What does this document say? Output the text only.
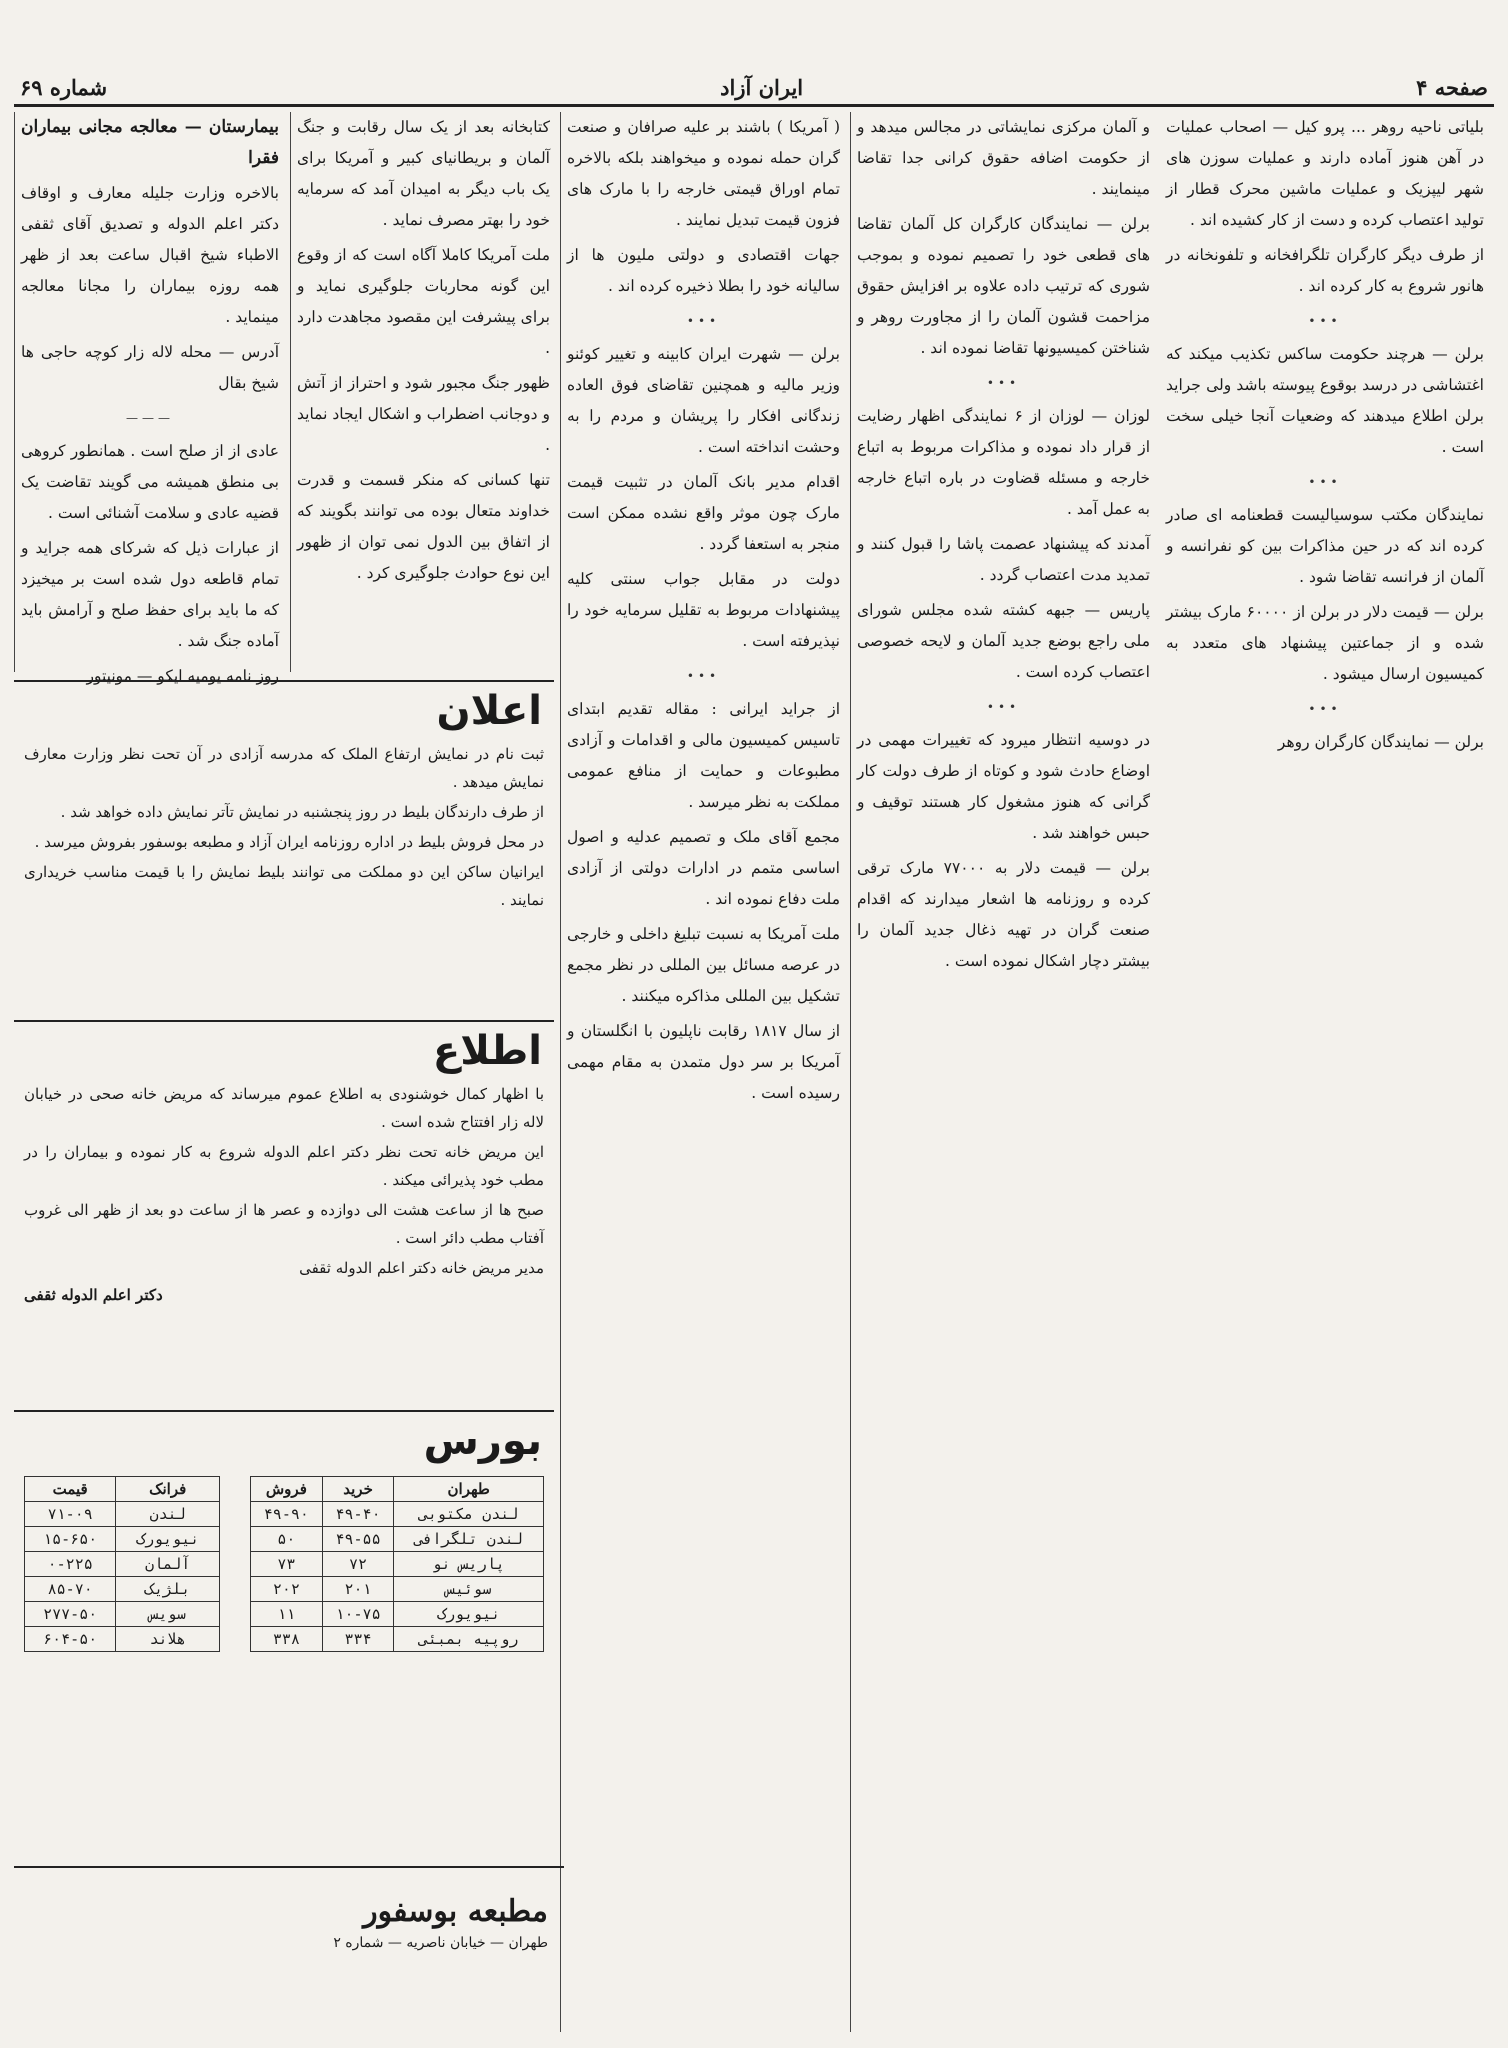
صفحه ۴
ایران آزاد
شماره ۶۹

بلیاتی ناحیه روهر ... پرو کیل — اصحاب عملیات در آهن هنوز آماده دارند و عملیات سوزن های شهر لیپزیک و عملیات ماشین محرک قطار از تولید اعتصاب کرده و دست از کار کشیده اند .

از طرف دیگر کارگران تلگرافخانه و تلفونخانه در هانور شروع به کار کرده اند .

•••

برلن — هرچند حکومت ساکس تکذیب میکند که اغتشاشی در درسد بوقوع پیوسته باشد ولی جراید برلن اطلاع میدهند که وضعیات آنجا خیلی سخت است .

•••

نمایندگان مکتب سوسیالیست قطعنامه ای صادر کرده اند که در حین مذاکرات بین کو نفرانسه و آلمان از فرانسه تقاضا شود .

برلن — قیمت دلار در برلن از ۶۰۰۰۰ مارک بیشتر شده و از جماعتین پیشنهاد های متعدد به کمیسیون ارسال میشود .

•••

برلن — نمایندگان کارگران روهر

و آلمان مرکزی نمایشاتی در مجالس میدهد و از حکومت اضافه حقوق کرانی جدا تقاضا مینمایند .

برلن — نمایندگان کارگران کل آلمان تقاضا های قطعی خود را تصمیم نموده و بموجب شوری که ترتیب داده علاوه بر افزایش حقوق مزاحمت قشون آلمان را از مجاورت روهر و شناختن کمیسیونها تقاضا نموده اند .

•••

لوزان — لوزان از ۶ نمایندگی اظهار رضایت از قرار داد نموده و مذاکرات مربوط به اتباع خارجه و مسئله قضاوت در باره اتباع خارجه به عمل آمد .

آمدند که پیشنهاد عصمت پاشا را قبول کنند و تمدید مدت اعتصاب گردد .

پاریس — جبهه کشته شده مجلس شورای ملی راجع بوضع جدید آلمان و لایحه خصوصی اعتصاب کرده است .

•••

در دوسیه انتظار میرود که تغییرات مهمی در اوضاع حادث شود و کوتاه از طرف دولت کار گرانی که هنوز مشغول کار هستند توقیف و حبس خواهند شد .

برلن — قیمت دلار به ۷۷۰۰۰ مارک ترقی کرده و روزنامه ها اشعار میدارند که اقدام صنعت گران در تهیه ذغال جدید آلمان را بیشتر دچار اشکال نموده است .

( آمریکا ) باشند بر علیه صرافان و صنعت گران حمله نموده و میخواهند بلکه بالاخره تمام اوراق قیمتی خارجه را با مارک های فزون قیمت تبدیل نمایند .

جهات اقتصادی و دولتی ملیون ها از سالیانه خود را بطلا ذخیره کرده اند .

•••

برلن — شهرت ایران کابینه و تغییر کوئنو وزیر مالیه و همچنین تقاضای فوق العاده زندگانی افکار را پریشان و مردم را به وحشت انداخته است .

اقدام مدیر بانک آلمان در تثبیت قیمت مارک چون موثر واقع نشده ممکن است منجر به استعفا گردد .

دولت در مقابل جواب سنتی کلیه پیشنهادات مربوط به تقلیل سرمایه خود را نپذیرفته است .

•••

از جراید ایرانی : مقاله تقدیم ابتدای تاسیس کمیسیون مالی و اقدامات و آزادی مطبوعات و حمایت از منافع عمومی مملکت به نظر میرسد .

مجمع آقای ملک و تصمیم عدلیه و اصول اساسی متمم در ادارات دولتی از آزادی ملت دفاع نموده اند .

ملت آمریکا به نسبت تبلیغ داخلی و خارجی در عرصه مسائل بین المللی در نظر مجمع تشکیل بین المللی مذاکره میکنند .

از سال ۱۸۱۷ رقابت ناپلیون با انگلستان و آمریکا بر سر دول متمدن به مقام مهمی رسیده است .

کتابخانه بعد از یک سال رقابت و جنگ آلمان و بریطانیای کبیر و آمریکا برای یک باب دیگر به امیدان آمد که سرمایه خود را بهتر مصرف نماید .

ملت آمریکا کاملا آگاه است که از وقوع این گونه محاربات جلوگیری نماید و برای پیشرفت این مقصود مجاهدت دارد .

ظهور جنگ مجبور شود و احتراز از آتش و دوجانب اضطراب و اشکال ایجاد نماید .

تنها کسانی که منکر قسمت و قدرت خداوند متعال بوده می توانند بگویند که از اتفاق بین الدول نمی توان از ظهور این نوع حوادث جلوگیری کرد .

بیمارستان — معالجه مجانی بیماران فقرا

بالاخره وزارت جلیله معارف و اوقاف دکتر اعلم الدوله و تصدیق آقای ثقفی الاطباء شیخ اقبال ساعت بعد از ظهر همه روزه بیماران را مجانا معالجه مینماید .

آدرس — محله لاله زار کوچه حاجی ها شیخ بقال

———

عادی از از صلح است . همانطور کروهی بی منطق همیشه می گویند تقاضت یک قضیه عادی و سلامت آشنائی است .

از عبارات ذیل که شرکای همه جراید و تمام قاطعه دول شده است بر میخیزد که ما باید برای حفظ صلح و آرامش باید آماده جنگ شد .

روز نامه یومیه ایکو — مونیتور

اعلان

ثبت نام در نمایش ارتفاع الملک که مدرسه آزادی در آن تحت نظر وزارت معارف نمایش میدهد .

از طرف دارندگان بلیط در روز پنجشنبه در نمایش تآتر نمایش داده خواهد شد .

در محل فروش بلیط در اداره روزنامه ایران آزاد و مطبعه بوسفور بفروش میرسد .

ایرانیان ساکن این دو مملکت می توانند بلیط نمایش را با قیمت مناسب خریداری نمایند .

اطلاع

با اظهار کمال خوشنودی به اطلاع عموم میرساند که مریض خانه صحی در خیابان لاله زار افتتاح شده است .

این مریض خانه تحت نظر دکتر اعلم الدوله شروع به کار نموده و بیماران را در مطب خود پذیرائی میکند .

صبح ها از ساعت هشت الی دوازده و عصر ها از ساعت دو بعد از ظهر الی غروب آفتاب مطب دائر است .

مدیر مریض خانه دکتر اعلم الدوله ثقفی

دکتر اعلم الدوله ثقفی
بورس
طهران	خرید	فروش
لندن مکتوبی	۴۹-۴۰	۴۹-۹۰
لندن تلگرافی	۴۹-۵۵	۵۰
پاریس نو	۷۲	۷۳
سوئیس	۲۰۱	۲۰۲
نیویورک	۱۰-۷۵	۱۱
روپیه بمبئی	۳۳۴	۳۳۸
فرانک	قیمت
لندن	۷۱-۰۹
نیویورک	۱۵-۶۵۰
آلمان	۰-۲۲۵
بلژیک	۸۵-۷۰
سویس	۲۷۷-۵۰
هلاند	۶۰۴-۵۰
مطبعه بوسفور
طهران — خیابان ناصریه — شماره ۲
